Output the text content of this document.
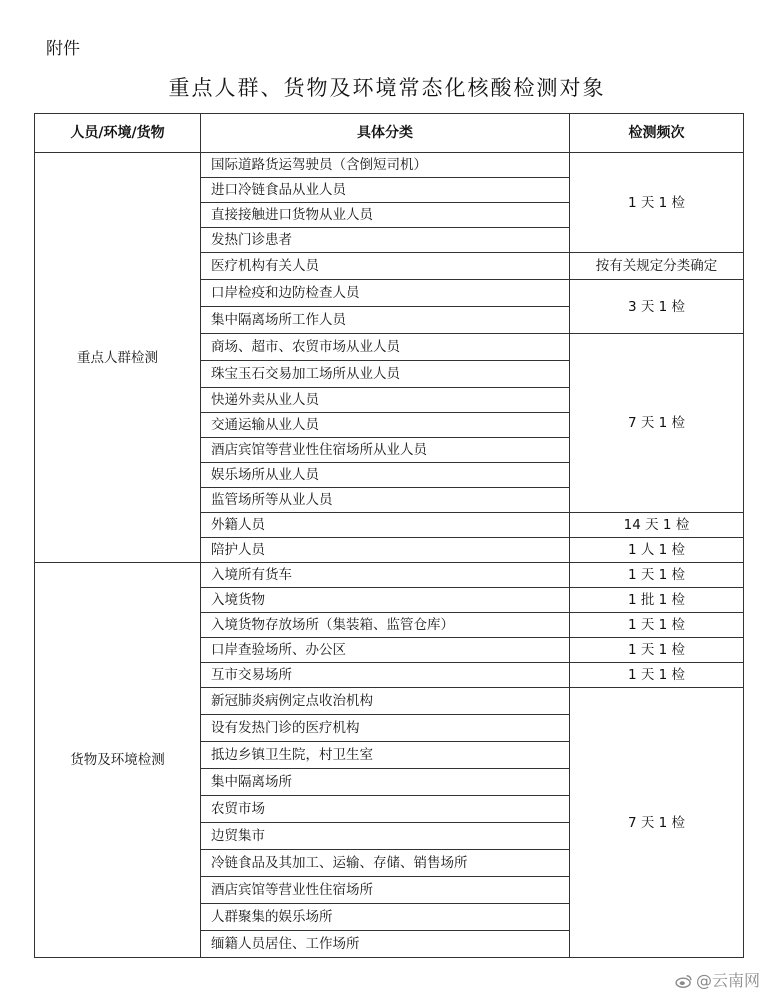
附件
重点人群、货物及环境常态化核酸检测对象
人员/环境/货物	具体分类	检测频次
重点人群检测	国际道路货运驾驶员（含倒短司机）	1 天 1 检
	进口冷链食品从业人员	
	直接接触进口货物从业人员	
	发热门诊患者	
	医疗机构有关人员	按有关规定分类确定
	口岸检疫和边防检查人员	3 天 1 检
	集中隔离场所工作人员	
	商场、超市、农贸市场从业人员	7 天 1 检
	珠宝玉石交易加工场所从业人员	
	快递外卖从业人员	
	交通运输从业人员	
	酒店宾馆等营业性住宿场所从业人员	
	娱乐场所从业人员	
	监管场所等从业人员	
	外籍人员	14 天 1 检
	陪护人员	1 人 1 检
货物及环境检测	入境所有货车	1 天 1 检
	入境货物	1 批 1 检
	入境货物存放场所（集装箱、监管仓库）	1 天 1 检
	口岸查验场所、办公区	1 天 1 检
	互市交易场所	1 天 1 检
	新冠肺炎病例定点收治机构	7 天 1 检
	设有发热门诊的医疗机构	
	抵边乡镇卫生院，村卫生室	
	集中隔离场所	
	农贸市场	
	边贸集市	
	冷链食品及其加工、运输、存储、销售场所	
	酒店宾馆等营业性住宿场所	
	人群聚集的娱乐场所	
	缅籍人员居住、工作场所	
@云南网
